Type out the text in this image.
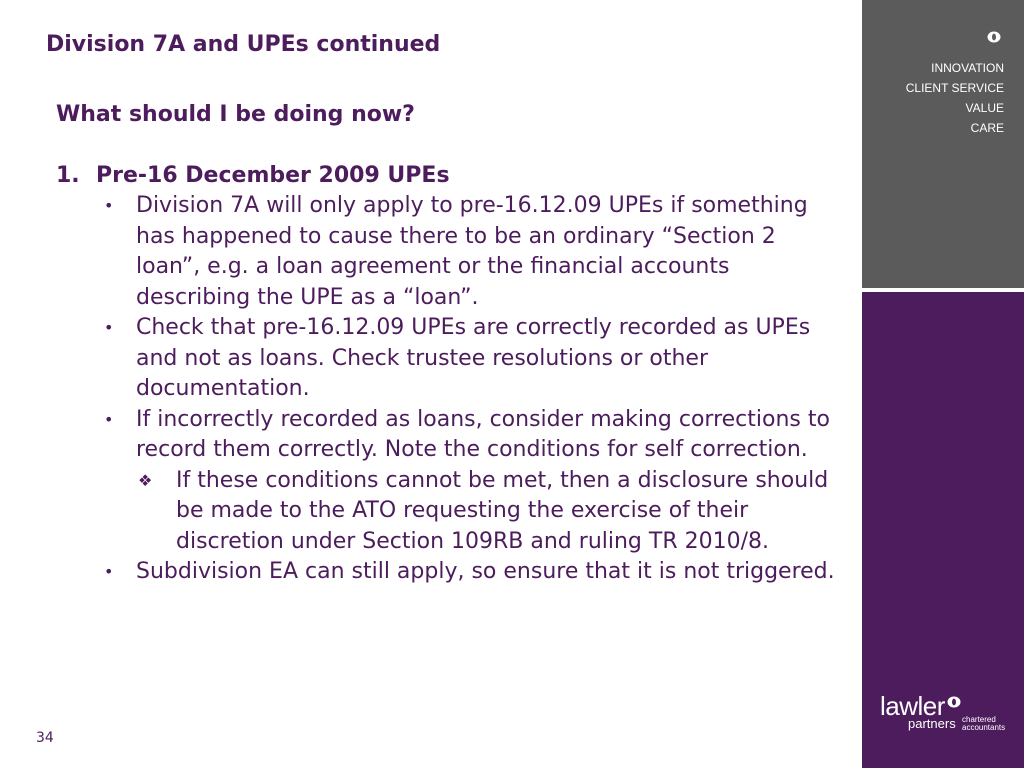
Division 7A and UPEs continued
What should I be doing now?
1. Pre-16 December 2009 UPEs
• Division 7A will only apply to pre-16.12.09 UPEs if something has happened to cause there to be an ordinary “Section 2 loan”, e.g. a loan agreement or the financial accounts describing the UPE as a “loan”.
• Check that pre-16.12.09 UPEs are correctly recorded as UPEs and not as loans. Check trustee resolutions or other documentation.
• If incorrectly recorded as loans, consider making corrections to record them correctly. Note the conditions for self correction.
❖ If these conditions cannot be met, then a disclosure should be made to the ATO requesting the exercise of their discretion under Section 109RB and ruling TR 2010/8.
• Subdivision EA can still apply, so ensure that it is not triggered.
34
INNOVATION
CLIENT SERVICE
VALUE
CARE
lawler
partners chartered
accountants
